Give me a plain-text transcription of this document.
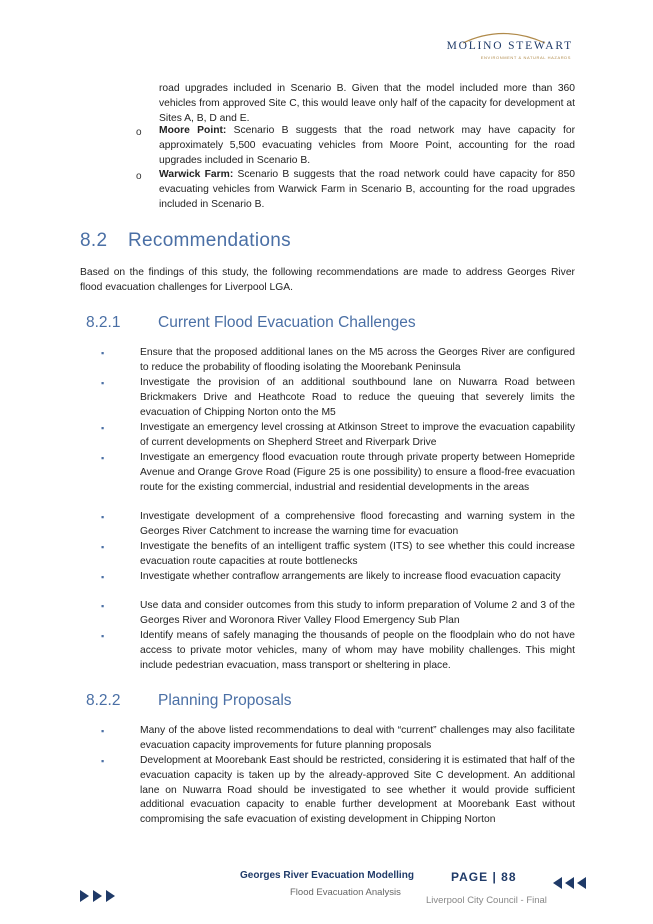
MOLINO STEWART
ENVIRONMENT & NATURAL HAZARDS

road upgrades included in Scenario B. Given that the model included more than 360 vehicles from approved Site C, this would leave only half of the capacity for development at Sites A, B, D and E.

o Moore Point: Scenario B suggests that the road network may have capacity for approximately 5,500 evacuating vehicles from Moore Point, accounting for the road upgrades included in Scenario B.

o Warwick Farm: Scenario B suggests that the road network could have capacity for 850 evacuating vehicles from Warwick Farm in Scenario B, accounting for the road upgrades included in Scenario B.

8.2 Recommendations

Based on the findings of this study, the following recommendations are made to address Georges River flood evacuation challenges for Liverpool LGA.

8.2.1 Current Flood Evacuation Challenges
▪	Ensure that the proposed additional lanes on the M5 across the Georges River are configured to reduce the probability of flooding isolating the Moorebank Peninsula

▪	Investigate the provision of an additional southbound lane on Nuwarra Road between Brickmakers Drive and Heathcote Road to reduce the queuing that severely limits the evacuation of Chipping Norton onto the M5

▪	Investigate an emergency level crossing at Atkinson Street to improve the evacuation capability of current developments on Shepherd Street and Riverpark Drive

▪	Investigate an emergency flood evacuation route through private property between Homepride Avenue and Orange Grove Road (Figure 25 is one possibility) to ensure a flood-free evacuation route for the existing commercial, industrial and residential developments in the areas

▪	Investigate development of a comprehensive flood forecasting and warning system in the Georges River Catchment to increase the warning time for evacuation

▪	Investigate the benefits of an intelligent traffic system (ITS) to see whether this could increase evacuation route capacities at route bottlenecks

▪	Investigate whether contraflow arrangements are likely to increase flood evacuation capacity

▪	Use data and consider outcomes from this study to inform preparation of Volume 2 and 3 of the Georges River and Woronora River Valley Flood Emergency Sub Plan

▪	Identify means of safely managing the thousands of people on the floodplain who do not have access to private motor vehicles, many of whom may have mobility challenges. This might include pedestrian evacuation, mass transport or sheltering in place.

8.2.2 Planning Proposals
▪	Many of the above listed recommendations to deal with “current” challenges may also facilitate evacuation capacity improvements for future planning proposals

▪	Development at Moorebank East should be restricted, considering it is estimated that half of the evacuation capacity is taken up by the already-approved Site C development. An additional lane on Nuwarra Road should be investigated to see whether it would provide sufficient additional evacuation capacity to enable further development at Moorebank East without compromising the safe evacuation of existing development in Chipping Norton

Georges River Evacuation Modelling
Flood Evacuation Analysis
PAGE | 88
Liverpool City Council - Final
